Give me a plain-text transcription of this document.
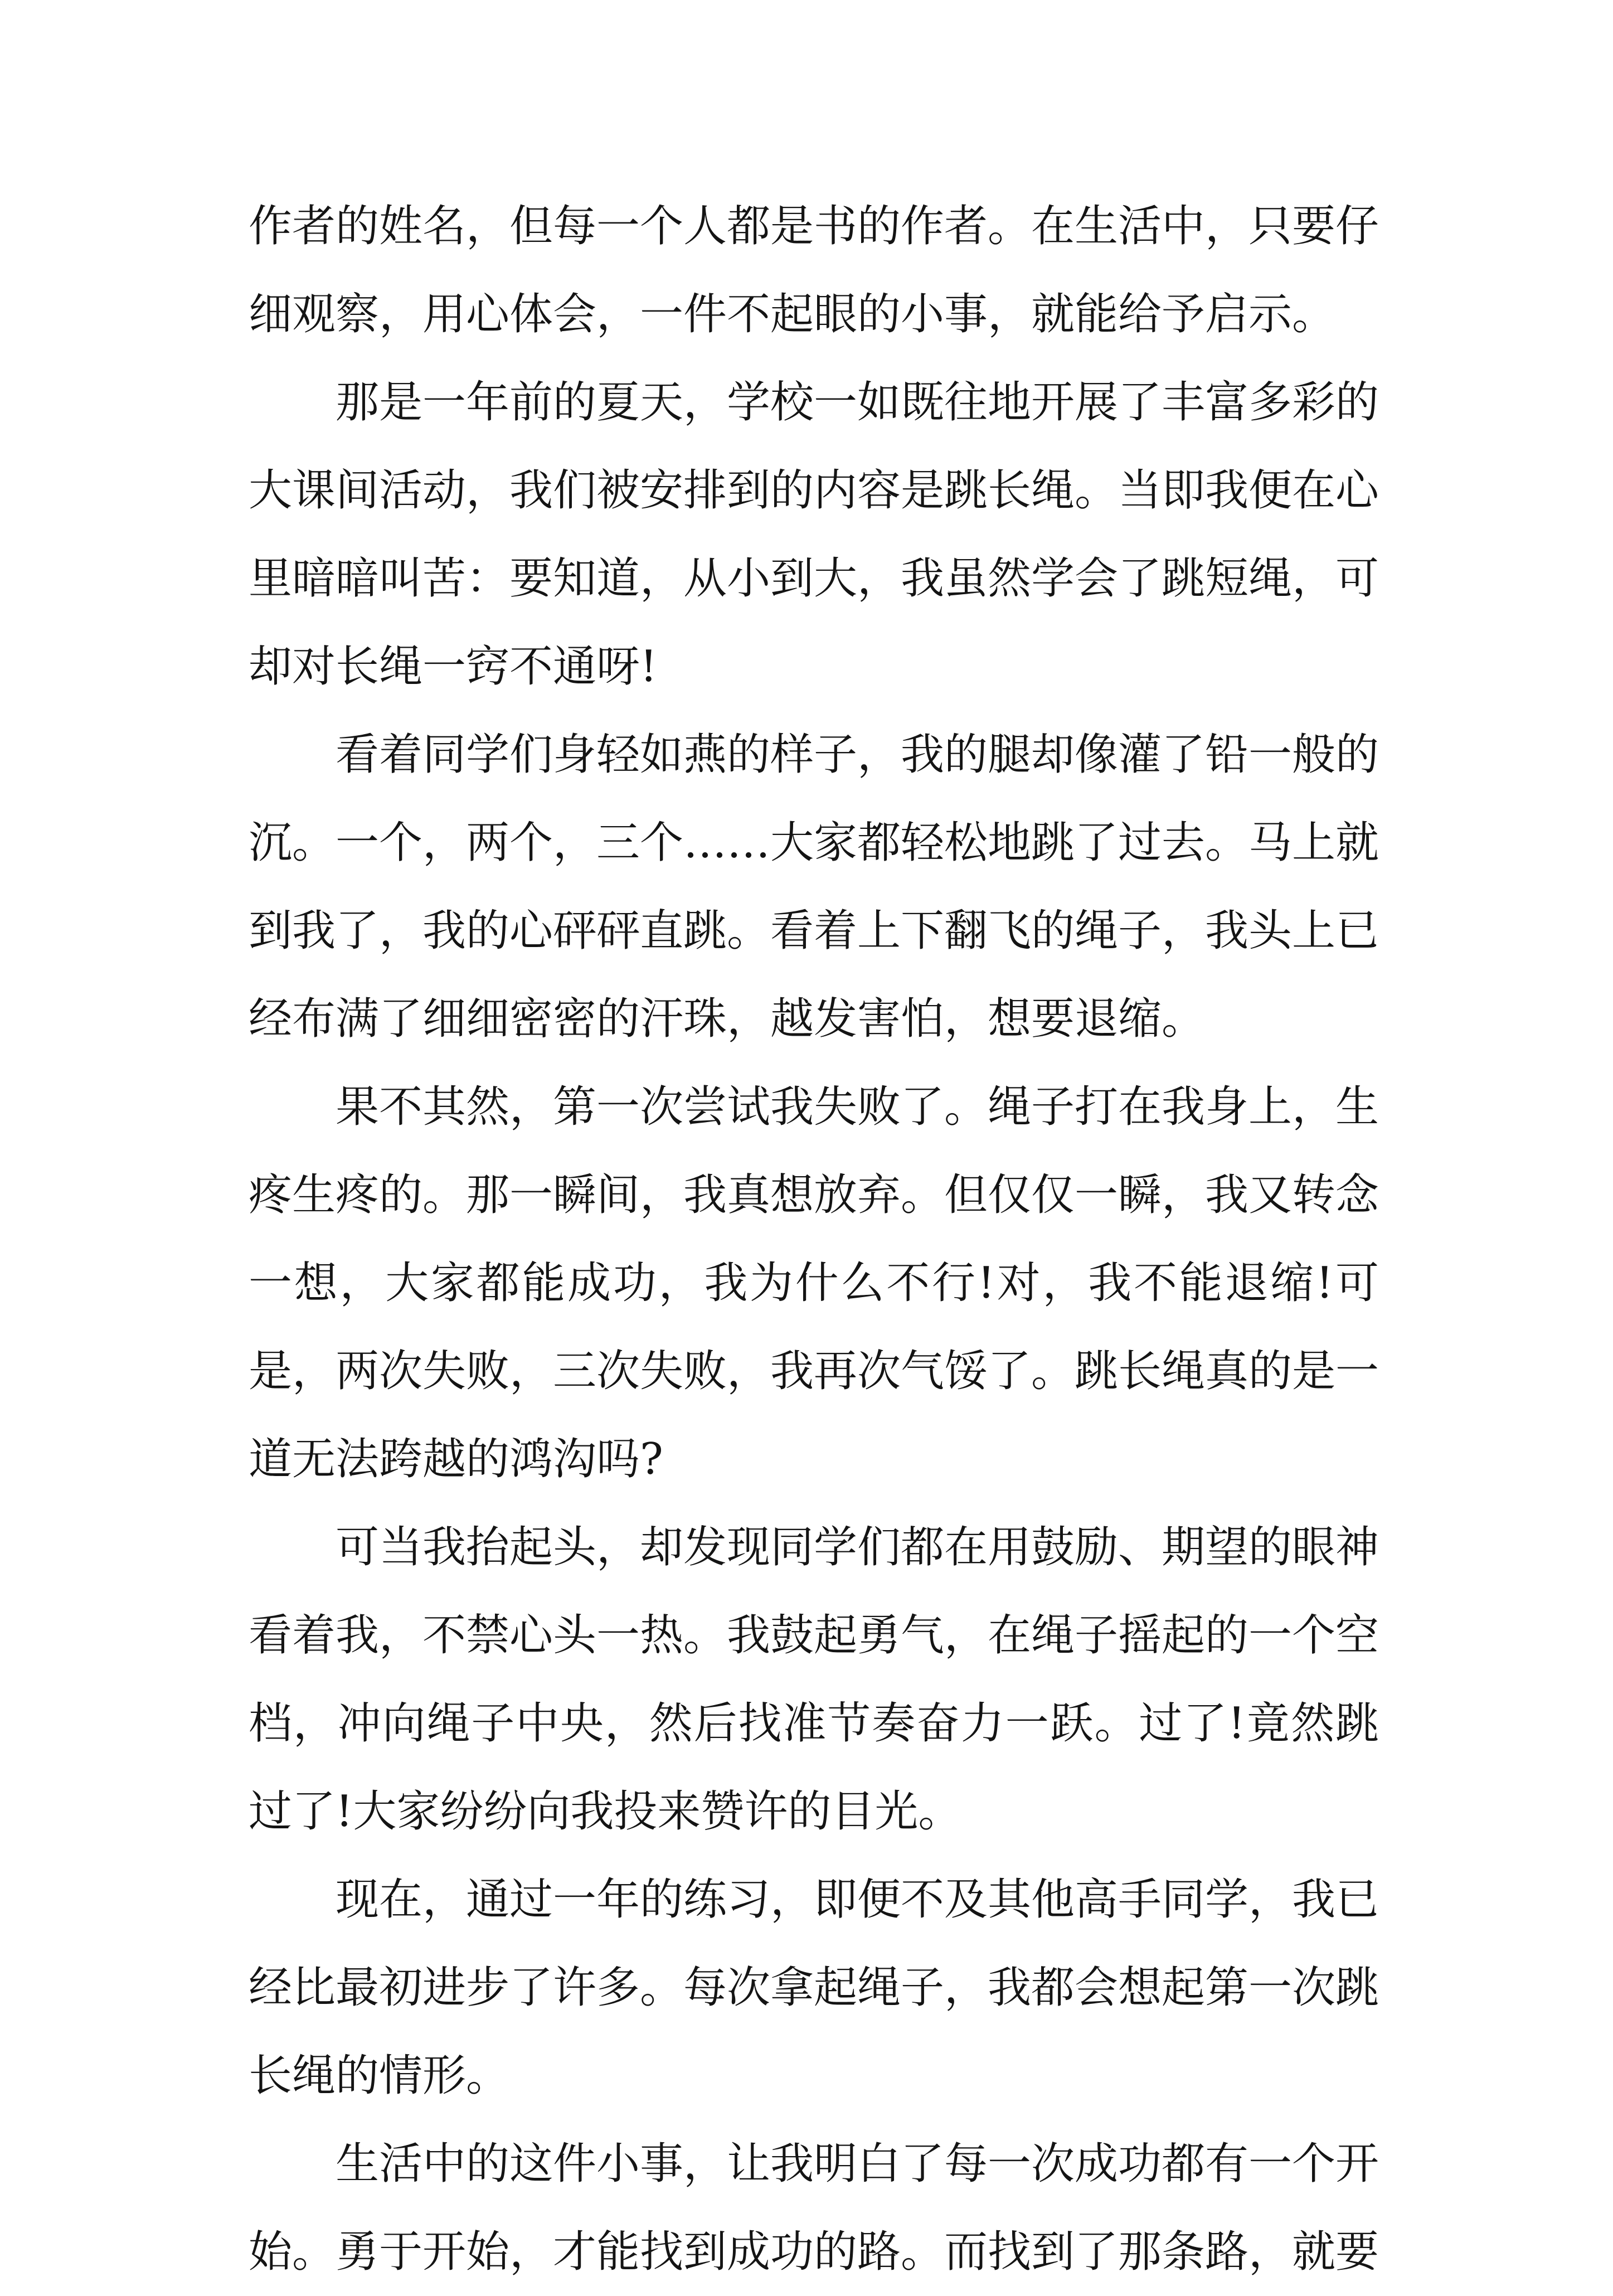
作者的姓名，但每一个人都是书的作者。在生活中，只要仔细观察，用心体会，一件不起眼的小事，就能给予启示。

那是一年前的夏天，学校一如既往地开展了丰富多彩的大课间活动，我们被安排到的内容是跳长绳。当即我便在心里暗暗叫苦：要知道，从小到大，我虽然学会了跳短绳，可却对长绳一窍不通呀!

看着同学们身轻如燕的样子，我的腿却像灌了铅一般的沉。一个，两个，三个……大家都轻松地跳了过去。马上就到我了，我的心砰砰直跳。看着上下翻飞的绳子，我头上已经布满了细细密密的汗珠，越发害怕，想要退缩。

果不其然，第一次尝试我失败了。绳子打在我身上，生疼生疼的。那一瞬间，我真想放弃。但仅仅一瞬，我又转念一想，大家都能成功，我为什么不行!对，我不能退缩!可是，两次失败，三次失败，我再次气馁了。跳长绳真的是一道无法跨越的鸿沟吗?

可当我抬起头，却发现同学们都在用鼓励、期望的眼神看着我，不禁心头一热。我鼓起勇气，在绳子摇起的一个空档，冲向绳子中央，然后找准节奏奋力一跃。过了!竟然跳过了!大家纷纷向我投来赞许的目光。

现在，通过一年的练习，即便不及其他高手同学，我已经比最初进步了许多。每次拿起绳子，我都会想起第一次跳长绳的情形。

生活中的这件小事，让我明白了每一次成功都有一个开始。勇于开始，才能找到成功的路。而找到了那条路，就要
